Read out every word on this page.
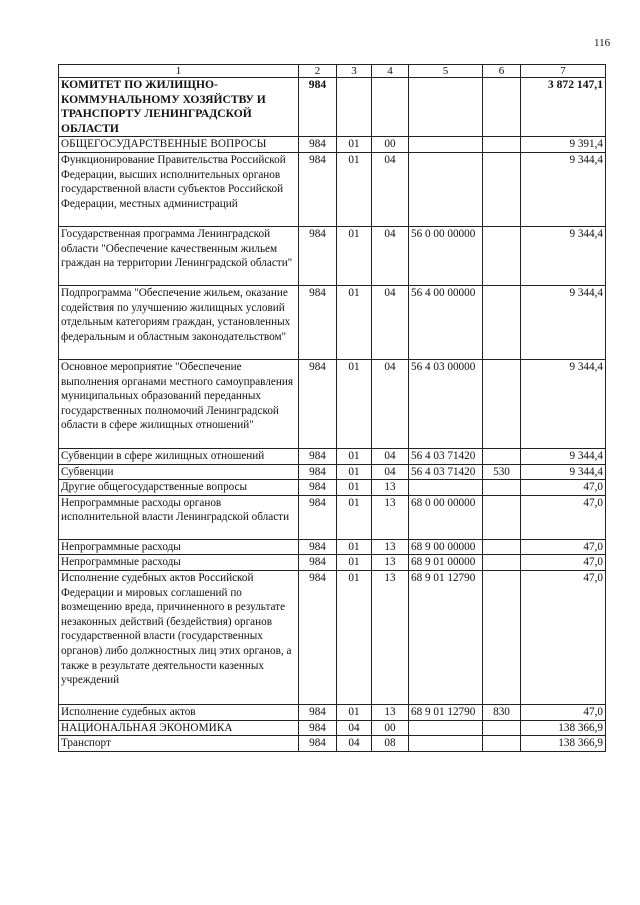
116
1	2	3	4	5	6	7
КОМИТЕТ ПО ЖИЛИЩНО-КОММУНАЛЬНОМУ ХОЗЯЙСТВУ И ТРАНСПОРТУ ЛЕНИНГРАДСКОЙ ОБЛАСТИ	984					3 872 147,1
ОБЩЕГОСУДАРСТВЕННЫЕ ВОПРОСЫ	984	01	00			9 391,4
Функционирование Правительства Российской Федерации, высших исполнительных органов государственной власти субъектов Российской Федерации, местных администраций	984	01	04			9 344,4
Государственная программа Ленинградской области "Обеспечение качественным жильем граждан на территории Ленинградской области"	984	01	04	56 0 00 00000		9 344,4
Подпрограмма "Обеспечение жильем, оказание содействия по улучшению жилищных условий отдельным категориям граждан, установленных федеральным и областным законодательством"	984	01	04	56 4 00 00000		9 344,4
Основное мероприятие "Обеспечение выполнения органами местного самоуправления муниципальных образований переданных государственных полномочий Ленинградской области в сфере жилищных отношений"	984	01	04	56 4 03 00000		9 344,4
Субвенции в сфере жилищных отношений	984	01	04	56 4 03 71420		9 344,4
Субвенции	984	01	04	56 4 03 71420	530	9 344,4
Другие общегосударственные вопросы	984	01	13			47,0
Непрограммные расходы органов исполнительной власти Ленинградской области	984	01	13	68 0 00 00000		47,0
Непрограммные расходы	984	01	13	68 9 00 00000		47,0
Непрограммные расходы	984	01	13	68 9 01 00000		47,0
Исполнение судебных актов Российской Федерации и мировых соглашений по возмещению вреда, причиненного в результате незаконных действий (бездействия) органов государственной власти (государственных органов) либо должностных лиц этих органов, а также в результате деятельности казенных учреждений	984	01	13	68 9 01 12790		47,0
Исполнение судебных актов	984	01	13	68 9 01 12790	830	47,0
НАЦИОНАЛЬНАЯ ЭКОНОМИКА	984	04	00			138 366,9
Транспорт	984	04	08			138 366,9
